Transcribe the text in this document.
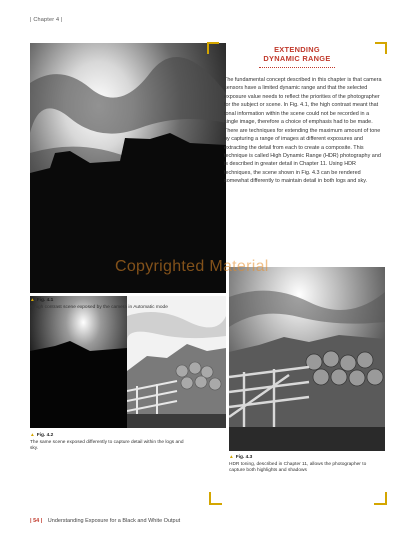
| Chapter 4 |
▲ Fig. 4.1
A high contrast scene exposed by the camera in Automatic mode
▲ Fig. 4.2
The same scene exposed differently to capture detail within the logs and sky.
▲ Fig. 4.3
HDR toning, described in Chapter 11, allows the photographer to capture both highlights and shadows
EXTENDING
DYNAMIC RANGE
The fundamental concept described in this chapter is that camera sensors have a limited dynamic range and that the selected exposure value needs to reflect the priorities of the photographer for the subject or scene. In Fig. 4.1, the high contrast meant that tonal information within the scene could not be recorded in a single image, therefore a choice of emphasis had to be made. There are techniques for extending the maximum amount of tone by capturing a range of images at different exposures and extracting the detail from each to create a composite. This technique is called High Dynamic Range (HDR) photography and is described in greater detail in Chapter 11. Using HDR techniques, the scene shown in Fig. 4.3 can be rendered somewhat differently to maintain detail in both logs and sky.
Copyrighted Material
| 54 | Understanding Exposure for a Black and White Output
